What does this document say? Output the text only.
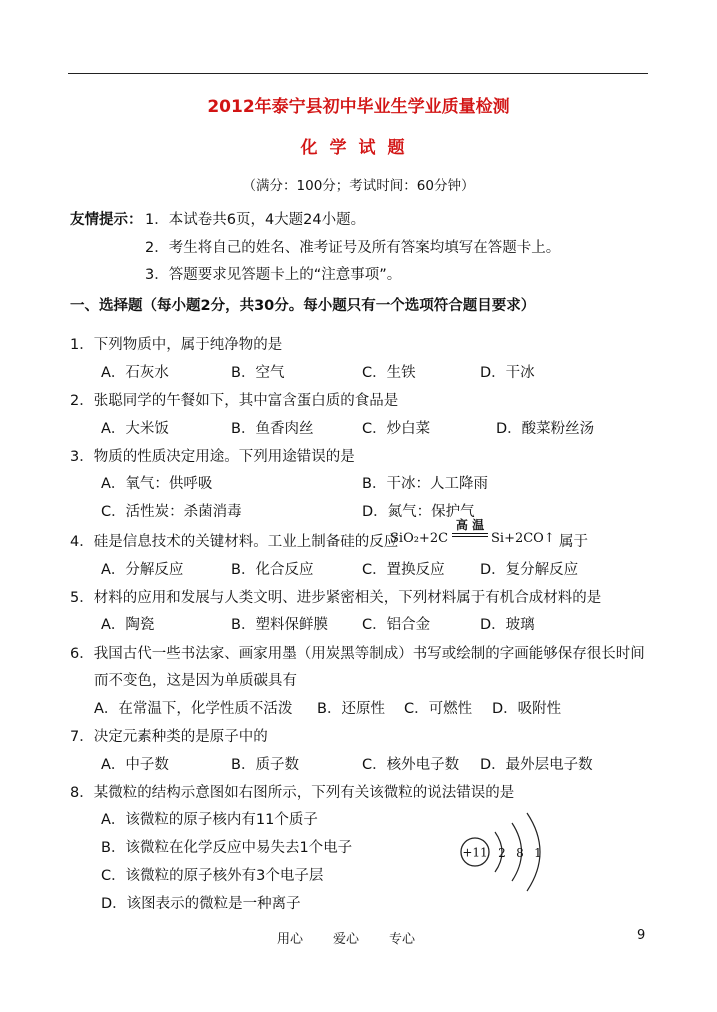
2012年泰宁县初中毕业生学业质量检测
化学试题
（满分：100分；考试时间：60分钟）
友情提示： 1．本试卷共6页，4大题24小题。
2．考生将自己的姓名、准考证号及所有答案均填写在答题卡上。
3．答题要求见答题卡上的“注意事项”。
一、选择题（每小题2分，共30分。每小题只有一个选项符合题目要求）
1．下列物质中，属于纯净物的是
A．石灰水	B．空气	C．生铁	D．干冰
2．张聪同学的午餐如下，其中富含蛋白质的食品是
A．大米饭	B．鱼香肉丝	C．炒白菜	D．酸菜粉丝汤
3．物质的性质决定用途。下列用途错误的是
A．氧气：供呼吸	B．干冰：人工降雨
C．活性炭：杀菌消毒	D．氮气：保护气
4．硅是信息技术的关键材料。工业上制备硅的反应
SiO₂+2C
高 温
Si+2CO↑ 属于
A．分解反应	B．化合反应	C．置换反应 D．复分解反应
5．材料的应用和发展与人类文明、进步紧密相关，下列材料属于有机合成材料的是
A．陶瓷	B．塑料保鲜膜 C．铝合金	D．玻璃
6．我国古代一些书法家、画家用墨（用炭黑等制成）书写或绘制的字画能够保存很长时间
而不变色，这是因为单质碳具有
A．在常温下，化学性质不活泼 B．还原性 C．可燃性 D．吸附性
7．决定元素种类的是原子中的
A．中子数	B．质子数	C．核外电子数 D．最外层电子数
8．某微粒的结构示意图如右图所示，下列有关该微粒的说法错误的是
A．该微粒的原子核内有11个质子
B．该微粒在化学反应中易失去1个电子
C．该微粒的原子核外有3个电子层
D．该图表示的微粒是一种离子
+11 2 8 1
用心 爱心 专心	9
